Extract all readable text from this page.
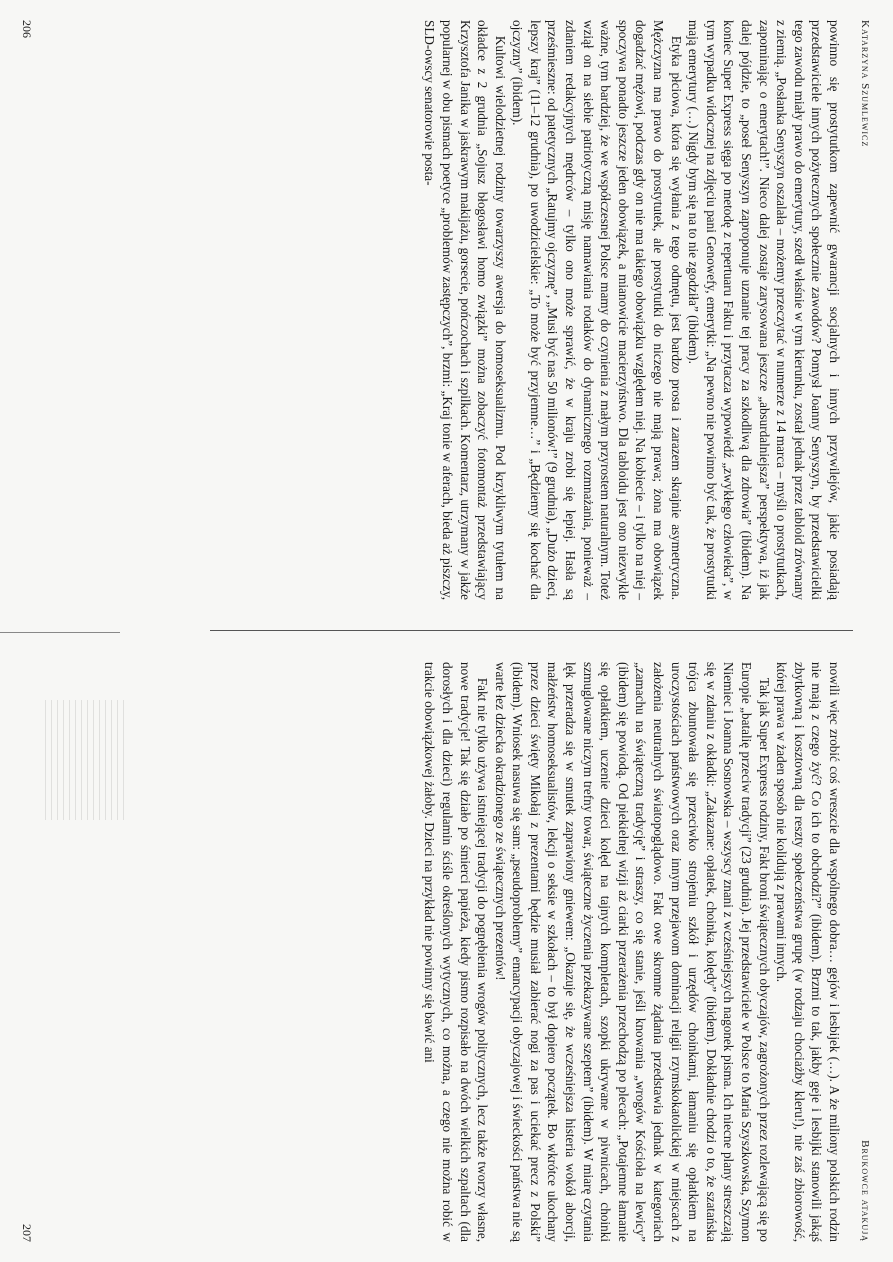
Katarzyna Szumlewicz

powinno się prostytutkom zapewnić gwarancji socjalnych i innych przywilejów, jakie posiadają przedstawiciele innych pożytecznych społecznie zawodów? Pomysł Joanny Senyszyn, by przedstawicielki tego zawodu miały prawo do emerytury, szedł właśnie w tym kierunku, został jednak przez tabloid zrównany z ziemią. „Posłanka Senyszyn oszalała – możemy przeczytać w numerze z 14 marca – myśli o prostytutkach, zapominając o emerytach!”. Nieco dalej zostaje zarysowana jeszcze „absurdalniejsza” perspektywa, iż jak dalej pójdzie, to „poseł Senyszyn zaproponuje uznanie tej pracy za szkodliwą dla zdrowia” (ibidem). Na koniec Super Express sięga po metodę z repertuaru Faktu i przytacza wypowiedź „zwykłego człowieka”, w tym wypadku widocznej na zdjęciu pani Genowefy, emerytki: „Na pewno nie powinno być tak, że prostytutki mają emerytury (…) Nigdy bym się na to nie zgodziła” (ibidem).

Etyka płciowa, która się wyłania z tego odmętu, jest bardzo prosta i zarazem skrajnie asymetryczna. Mężczyzna ma prawo do prostytutek, ale prostytutki do niczego nie mają prawa; żona ma obowiązek dogadzać mężowi, podczas gdy on nie ma takiego obowiązku względem niej. Na kobiecie – i tylko na niej – spoczywa ponadto jeszcze jeden obowiązek, a mianowicie macierzyństwo. Dla tabloidu jest ono niezwykle ważne, tym bardziej, że we współczesnej Polsce mamy do czynienia z małym przyrostem naturalnym. Toteż wziął on na siebie patriotyczną misję namawiania rodaków do dynamicznego rozmnażania, ponieważ – zdaniem redakcyjnych mędrców – tylko ono może sprawić, że w kraju zrobi się lepiej. Hasła są prześmieszne: od patetycznych „Ratujmy ojczyznę”, „Musi być nas 50 milionów!” (9 grudnia), „Dużo dzieci, lepszy kraj” (11–12 grudnia), po uwodzicielskie: „To może być przyjemne…” i „Będziemy się kochać dla ojczyzny” (ibidem).

Kultowi wielodzietnej rodziny towarzyszy awersja do homoseksualizmu. Pod krzykliwym tytułem na okładce z 2 grudnia „Sojusz błogosławi homo związki” można zobaczyć fotomontaż przedstawiający Krzysztofa Janika w jaskrawym makijażu, gorsecie, pończochach i szpilkach. Komentarz, utrzymany w jakże popularnej w obu pismach poetyce „problemów zastępczych”, brzmi: „Kraj tonie w aferach, bieda aż piszczy, SLD-owscy senatorowie posta-

206
Brukowce atakują

nowili więc zrobić coś wreszcie dla wspólnego dobra… gejów i lesbijek (…). A że miliony polskich rodzin nie mają z czego żyć? Co ich to obchodzi?” (ibidem). Brzmi to tak, jakby geje i lesbijki stanowili jakąś zbytkowną i kosztowną dla reszty społeczeństwa grupę (w rodzaju chociażby kleru!), nie zaś zbiorowość, której prawa w żaden sposób nie kolidują z prawami innych.

Tak jak Super Express rodziny, Fakt broni świątecznych obyczajów, zagrożonych przez rozlewającą się po Europie „batalię przeciw tradycji” (23 grudnia). Jej przedstawiciele w Polsce to Maria Szyszkowska, Szymon Niemiec i Joanna Sosnowska – wszyscy znani z wcześniejszych nagonek pisma. Ich niecne plany streszczają się w zdaniu z okładki: „Zakazane: opłatek, choinka, kolędy” (ibidem). Dokładnie chodzi o to, że szatańska trójca zbuntowała się przeciwko strojeniu szkół i urzędów choinkami, łamaniu się opłatkiem na uroczystościach państwowych oraz innym przejawom dominacji religii rzymskokatolickiej w miejscach z założenia neutralnych światopoglądowo. Fakt owe skromne żądania przedstawia jednak w kategoriach „zamachu na świąteczną tradycję” i straszy, co się stanie, jeśli knowania „wrogów Kościoła na lewicy” (ibidem) się powiodą. Od piekielnej wizji aż ciarki przerażenia przechodzą po plecach: „Potajemne łamanie się opłatkiem, uczenie dzieci kolęd na tajnych kompletach, szopki ukrywane w piwnicach, choinki szmuglowane niczym trefny towar, świąteczne życzenia przekazywane szeptem” (ibidem). W miarę czytania lęk przeradza się w smutek zaprawiony gniewem: „Okazuje się, że wcześniejsza histeria wokół aborcji, małżeństw homoseksualistów, lekcji o seksie w szkołach – to był dopiero początek. Bo wkrótce ukochany przez dzieci święty Mikołaj z prezentami będzie musiał zabierać nogi za pas i uciekać precz z Polski” (ibidem). Wniosek nasuwa się sam: „pseudoproblemy” emancypacji obyczajowej i świeckości państwa nie są warte łez dziecka okradzionego ze świątecznych prezentów!

Fakt nie tylko używa istniejącej tradycji do pognębienia wrogów politycznych, lecz także tworzy własne, nowe tradycje! Tak się działo po śmierci papieża, kiedy pismo rozpisało na dwóch wielkich szpaltach (dla dorosłych i dla dzieci) regulamin ściśle określonych wytycznych, co można, a czego nie można robić w trakcie obowiązkowej żałoby. Dzieci na przykład nie powinny się bawić ani

207
